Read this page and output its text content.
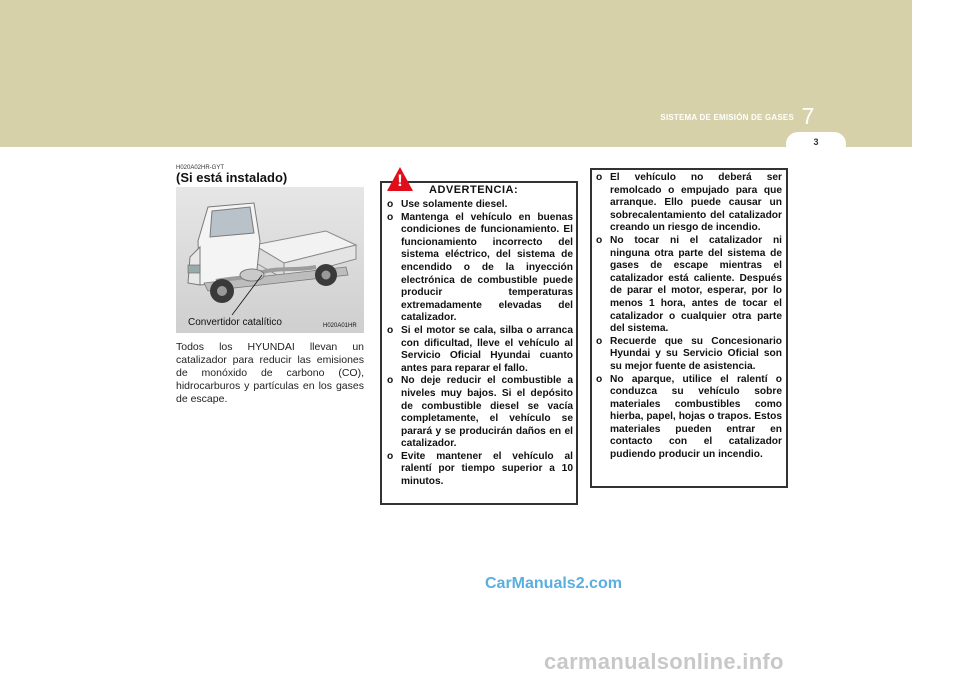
SISTEMA DE EMISIÓN DE GASES 7
3
H020A02HR-GYT
(Si está instalado)
Convertidor catalítico	H020A01HR
Todos los HYUNDAI llevan un catalizador para reducir las emisiones de monóxido de carbono (CO), hidrocarburos y partículas en los gases de escape.
! ADVERTENCIA:
o Use solamente diesel.
o Mantenga el vehículo en buenas condiciones de funcionamiento. El funcionamiento incorrecto del sistema eléctrico, del sistema de encendido o de la inyección electrónica de combustible puede producir temperaturas extremadamente elevadas del catalizador.
o Si el motor se cala, silba o arranca con dificultad, lleve el vehículo al Servicio Oficial Hyundai cuanto antes para reparar el fallo.
o No deje reducir el combustible a niveles muy bajos. Si el depósito de combustible diesel se vacía completamente, el vehículo se parará y se producirán daños en el catalizador.
o Evite mantener el vehículo al ralentí por tiempo superior a 10 minutos.
o El vehículo no deberá ser remolcado o empujado para que arranque. Ello puede causar un sobrecalentamiento del catalizador creando un riesgo de incendio.
o No tocar ni el catalizador ni ninguna otra parte del sistema de gases de escape mientras el catalizador está caliente. Después de parar el motor, esperar, por lo menos 1 hora, antes de tocar el catalizador o cualquier otra parte del sistema.
o Recuerde que su Concesionario Hyundai y su Servicio Oficial son su mejor fuente de asistencia.
o No aparque, utilice el ralentí o conduzca su vehículo sobre materiales combustibles como hierba, papel, hojas o trapos. Estos materiales pueden entrar en contacto con el catalizador pudiendo producir un incendio.
CarManuals2.com
carmanualsonline.info
